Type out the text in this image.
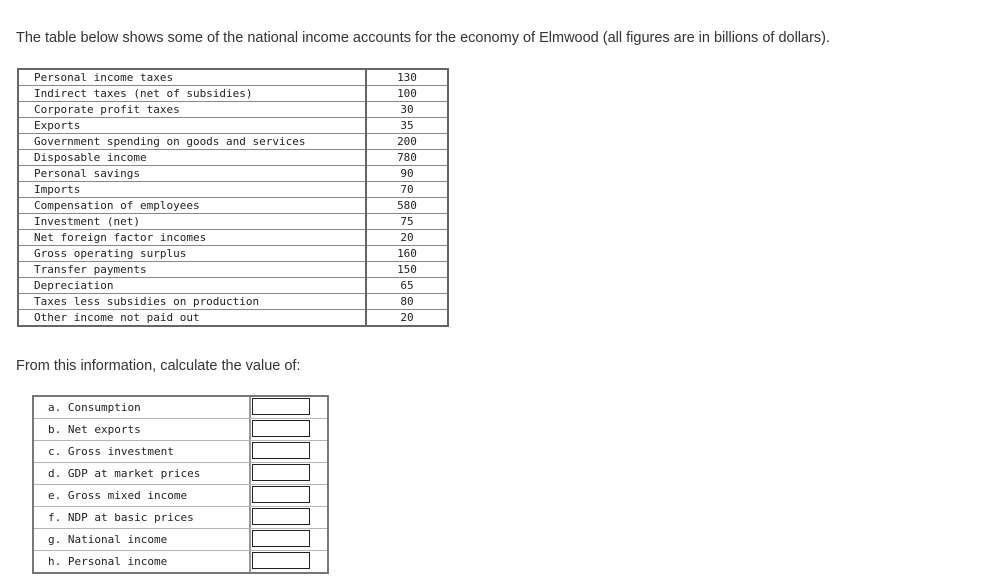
The table below shows some of the national income accounts for the economy of Elmwood (all figures are in billions of dollars).
Personal income taxes	130
Indirect taxes (net of subsidies)	100
Corporate profit taxes	30
Exports	35
Government spending on goods and services	200
Disposable income	780
Personal savings	90
Imports	70
Compensation of employees	580
Investment (net)	75
Net foreign factor incomes	20
Gross operating surplus	160
Transfer payments	150
Depreciation	65
Taxes less subsidies on production	80
Other income not paid out	20
From this information, calculate the value of:
a. Consumption
b. Net exports
c. Gross investment
d. GDP at market prices
e. Gross mixed income
f. NDP at basic prices
g. National income
h. Personal income
